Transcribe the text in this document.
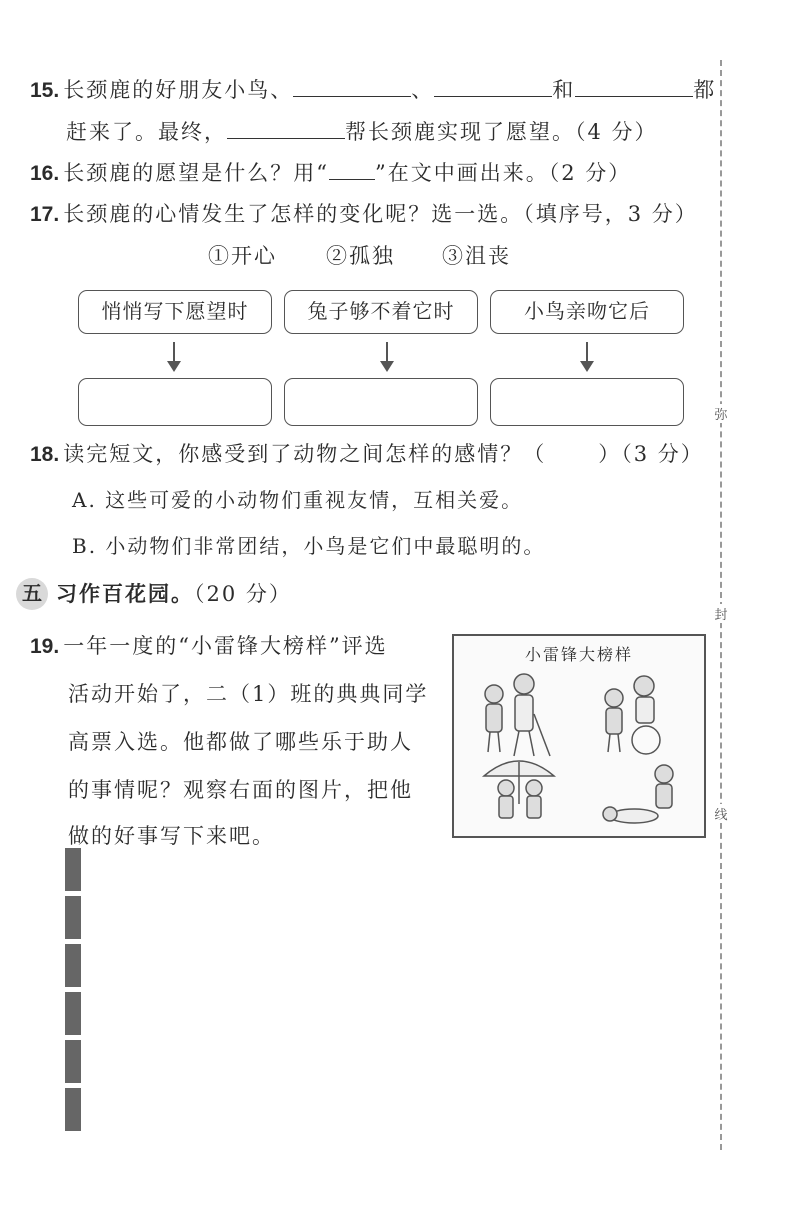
15. 长颈鹿的好朋友小鸟、	、	和	都
赶来了。最终，	帮长颈鹿实现了愿望。（4 分）
16. 长颈鹿的愿望是什么？用“ ”在文中画出来。（2 分）
17. 长颈鹿的心情发生了怎样的变化呢？选一选。（填序号，3 分）
①开心 ②孤独 ③沮丧
悄悄写下愿望时	兔子够不着它时	小鸟亲吻它后
18. 读完短文，你感受到了动物之间怎样的感情？（ ）（3 分）
A. 这些可爱的小动物们重视友情，互相关爱。
B. 小动物们非常团结，小鸟是它们中最聪明的。
五 习作百花园。（20 分）
19. 一年一度的“小雷锋大榜样”评选
活动开始了，二（1）班的典典同学
高票入选。他都做了哪些乐于助人
的事情呢？观察右面的图片，把他
做的好事写下来吧。
小雷锋大榜样

弥
封
线
